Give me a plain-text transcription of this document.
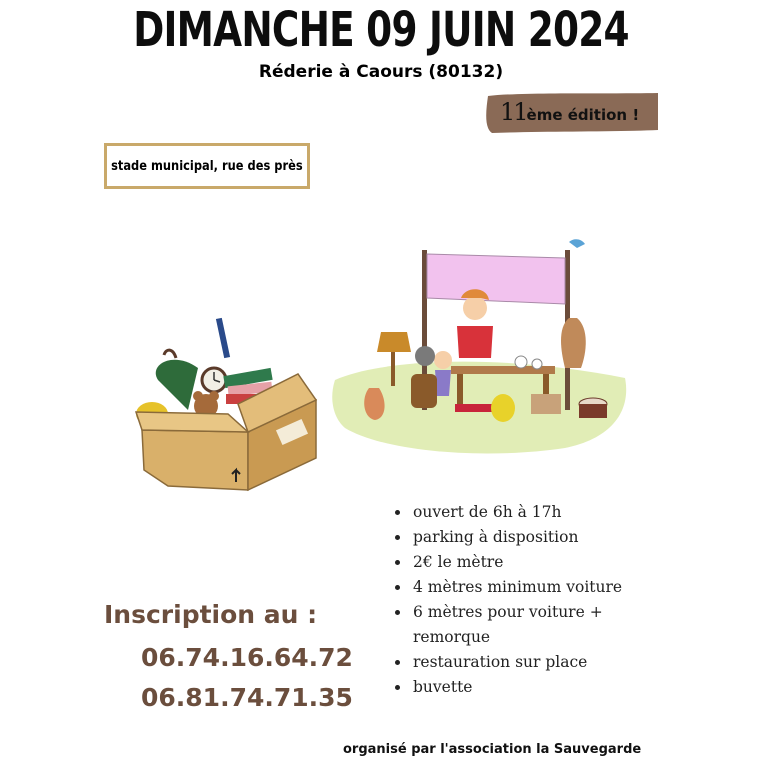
DIMANCHE 09 JUIN 2024
Réderie à Caours (80132)
11ème édition !
stade municipal, rue des près
• ouvert de 6h à 17h
• parking à disposition
• 2€ le mètre
• 4 mètres minimum voiture
• 6 mètres pour voiture + remorque
• restauration sur place
• buvette
Inscription au :
06.74.16.64.72
06.81.74.71.35
organisé par l'association la Sauvegarde
